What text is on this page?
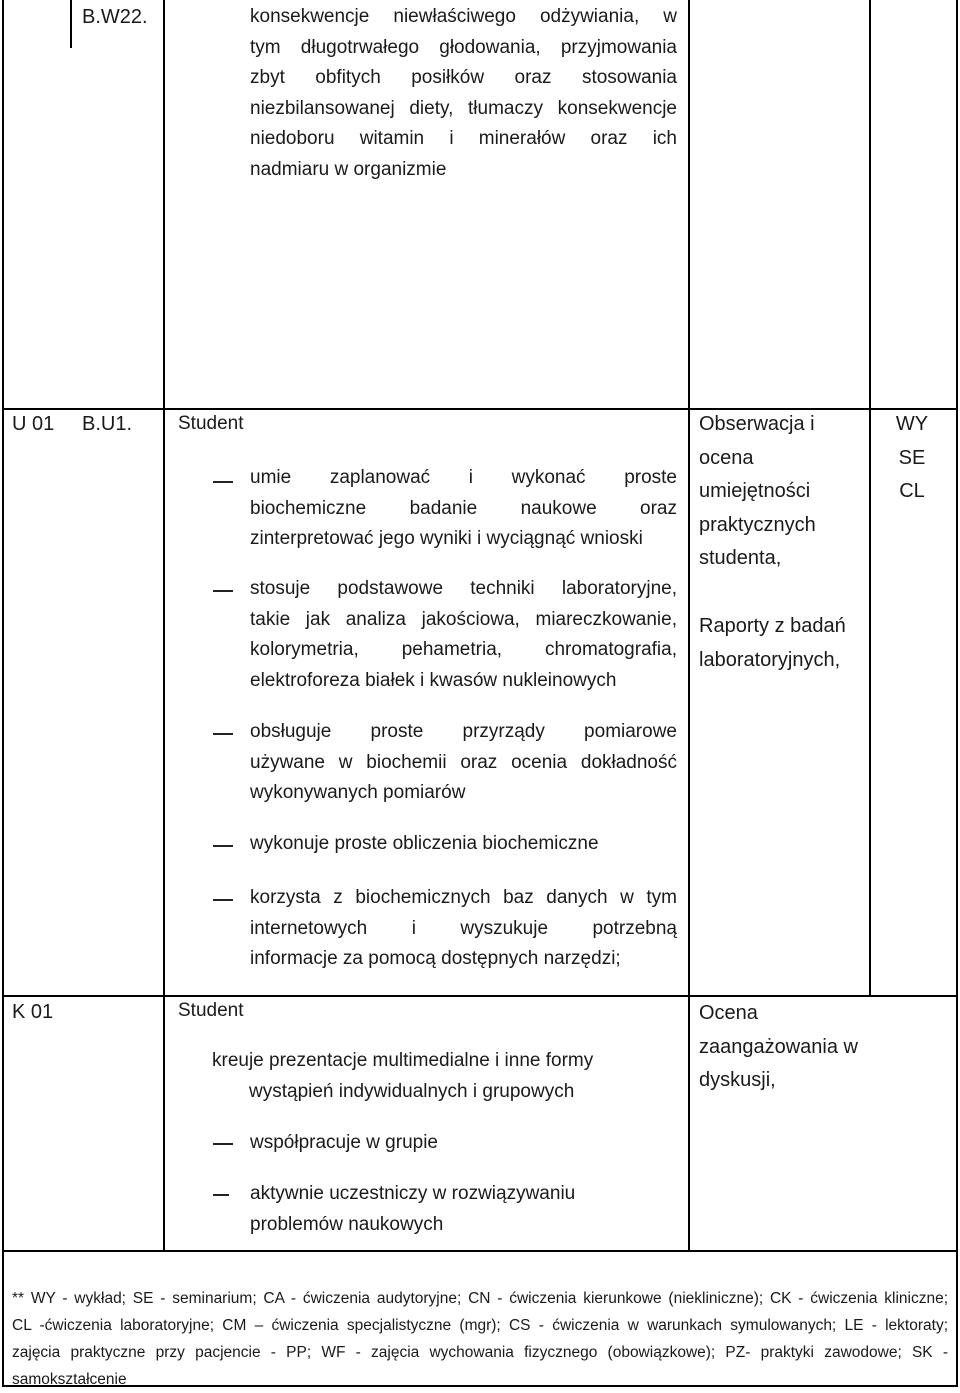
B.W22.	konsekwencje niewłaściwego odżywiania, w
tym długotrwałego głodowania, przyjmowania
zbyt obfitych posiłków oraz stosowania
niezbilansowanej diety, tłumaczy konsekwencje
niedoboru witamin i minerałów oraz ich
nadmiaru w organizmie
U 01 B.U1. Student
umie zaplanować i wykonać proste
biochemiczne badanie naukowe oraz
zinterpretować jego wyniki i wyciągnąć wnioski
stosuje podstawowe techniki laboratoryjne,
takie jak analiza jakościowa, miareczkowanie,
kolorymetria, pehametria, chromatografia,
elektroforeza białek i kwasów nukleinowych
obsługuje proste przyrządy pomiarowe
używane w biochemii oraz ocenia dokładność
wykonywanych pomiarów
wykonuje proste obliczenia biochemiczne
korzysta z biochemicznych baz danych w tym
internetowych i wyszukuje potrzebną
informacje za pomocą dostępnych narzędzi;
Obserwacja i
ocena
umiejętności
praktycznych
studenta,
Raporty z badań
laboratoryjnych,
WY
SE
CL
K 01	Student
kreuje prezentacje multimedialne i inne formy
wystąpień indywidualnych i grupowych
współpracuje w grupie
aktywnie uczestniczy w rozwiązywaniu
problemów naukowych
Ocena
zaangażowania w
dyskusji,
** WY - wykład; SE - seminarium; CA - ćwiczenia audytoryjne; CN - ćwiczenia kierunkowe (niekliniczne); CK - ćwiczenia kliniczne;
CL -ćwiczenia laboratoryjne; CM – ćwiczenia specjalistyczne (mgr); CS - ćwiczenia w warunkach symulowanych; LE - lektoraty;
zajęcia praktyczne przy pacjencie - PP; WF - zajęcia wychowania fizycznego (obowiązkowe); PZ- praktyki zawodowe; SK -
samokształcenie
